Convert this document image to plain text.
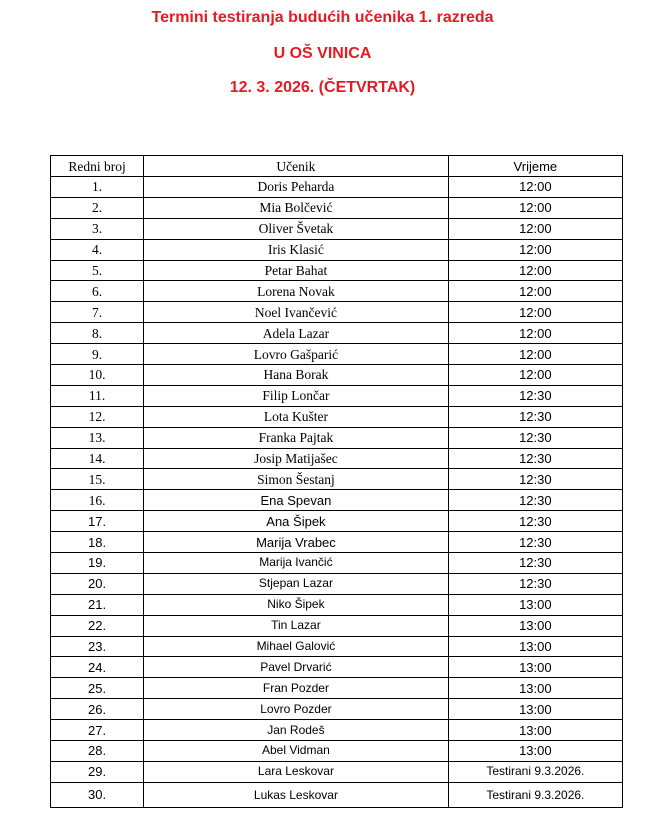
Termini testiranja budućih učenika 1. razreda
U OŠ VINICA
12. 3. 2026. (ČETVRTAK)
Redni broj	Učenik	Vrijeme
1.	Doris Peharda	12:00
2.	Mia Bolčević	12:00
3.	Oliver Švetak	12:00
4.	Iris Klasić	12:00
5.	Petar Bahat	12:00
6.	Lorena Novak	12:00
7.	Noel Ivančević	12:00
8.	Adela Lazar	12:00
9.	Lovro Gašparić	12:00
10.	Hana Borak	12:00
11.	Filip Lončar	12:30
12.	Lota Kušter	12:30
13.	Franka Pajtak	12:30
14.	Josip Matijašec	12:30
15.	Simon Šestanj	12:30
16.	Ena Spevan	12:30
17.	Ana Šipek	12:30
18.	Marija Vrabec	12:30
19.	Marija Ivančić	12:30
20.	Stjepan Lazar	12:30
21.	Niko Šipek	13:00
22.	Tin Lazar	13:00
23.	Mihael Galović	13:00
24.	Pavel Drvarić	13:00
25.	Fran Pozder	13:00
26.	Lovro Pozder	13:00
27.	Jan Rodeš	13:00
28.	Abel Vidman	13:00
29.	Lara Leskovar	Testirani 9.3.2026.
30.	Lukas Leskovar	Testirani 9.3.2026.
